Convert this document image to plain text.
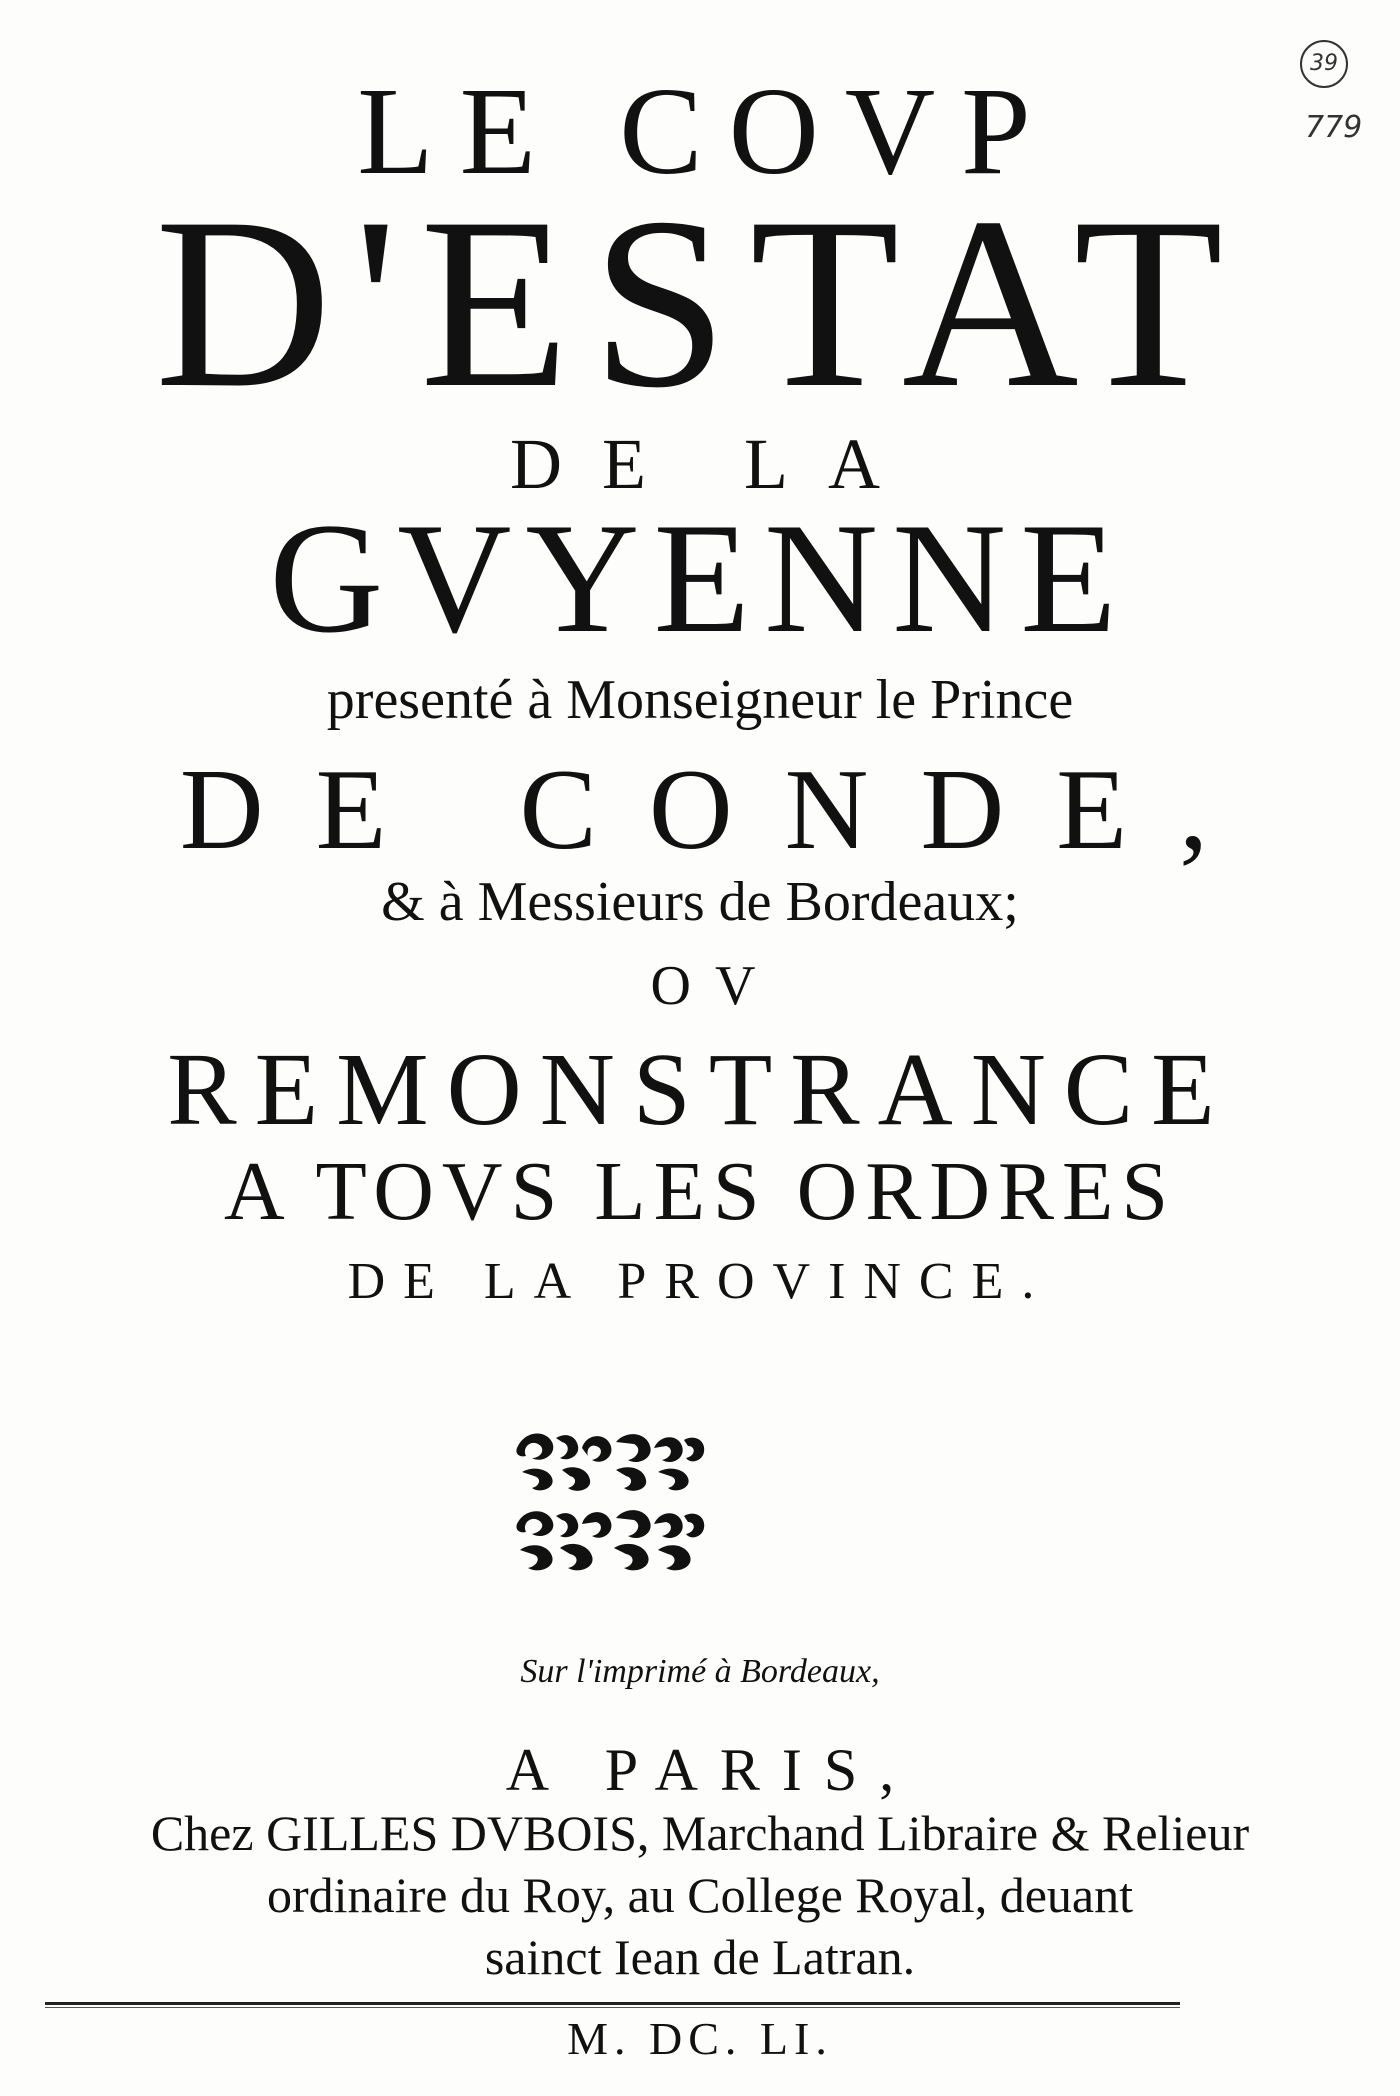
39
779
LE COVP
D'ESTAT
DE LA
GVYENNE
presenté à Monseigneur le Prince
DE CONDE,
& à Messieurs de Bordeaux;
OV
REMONSTRANCE
A TOVS LES ORDRES
DE LA PROVINCE.
Sur l'imprimé à Bordeaux,
A PARIS,
Chez GILLES DVBOIS, Marchand Libraire & Relieur
ordinaire du Roy, au College Royal, deuant
sainct Iean de Latran.
M. DC. LI.
